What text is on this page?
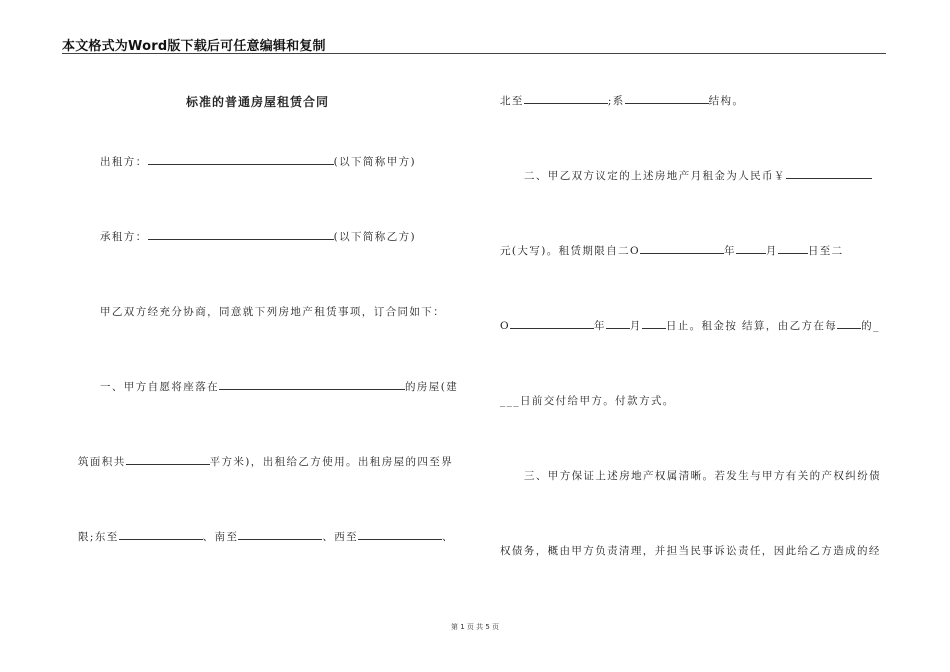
本文格式为Word版下载后可任意编辑和复制
标准的普通房屋租赁合同
出租方：	(以下简称甲方)
承租方：	(以下简称乙方)
甲乙双方经充分协商，同意就下列房地产租赁事项，订合同如下：
一、甲方自愿将座落在	的房屋(建
筑面积共	平方米)，出租给乙方使用。出租房屋的四至界
限;东至	、南至	、西至	、
北至	;系	结构。
二、甲乙双方议定的上述房地产月租金为人民币￥
元(大写)。租赁期限自二O	年	月	日至二
O	年 月 日止。租金按 结算，由乙方在每 的_
___日前交付给甲方。付款方式。
三、甲方保证上述房地产权属清晰。若发生与甲方有关的产权纠纷债
权债务，概由甲方负责清理，并担当民事诉讼责任，因此给乙方造成的经
第 1 页 共 5 页
